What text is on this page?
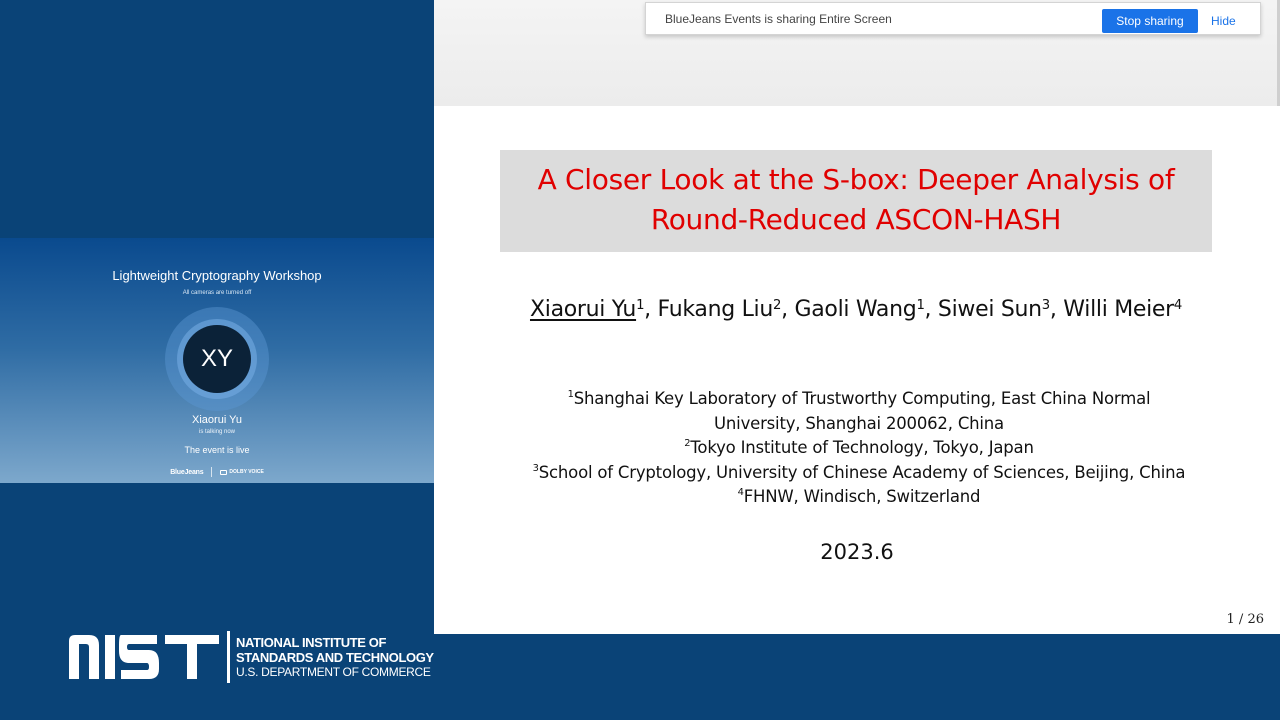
Lightweight Cryptography Workshop
All cameras are turned off
XY
Xiaorui Yu
is talking now
The event is live
BlueJeans	DOLBY VOICE
NATIONAL INSTITUTE OF
STANDARDS AND TECHNOLOGY
U.S. DEPARTMENT OF COMMERCE
BlueJeans Events is sharing Entire Screen	Stop sharing	Hide
A Closer Look at the S-box: Deeper Analysis of
Round-Reduced ASCON-HASH
Xiaorui Yu$^1$, Fukang Liu$^2$, Gaoli Wang$^1$, Siwei Sun$^3$, Willi Meier$^4$
$^1$Shanghai Key Laboratory of Trustworthy Computing, East China Normal
University, Shanghai 200062, China
$^2$Tokyo Institute of Technology, Tokyo, Japan
$^3$School of Cryptology, University of Chinese Academy of Sciences, Beijing, China
$^4$FHNW, Windisch, Switzerland
2023.6
1 / 26
